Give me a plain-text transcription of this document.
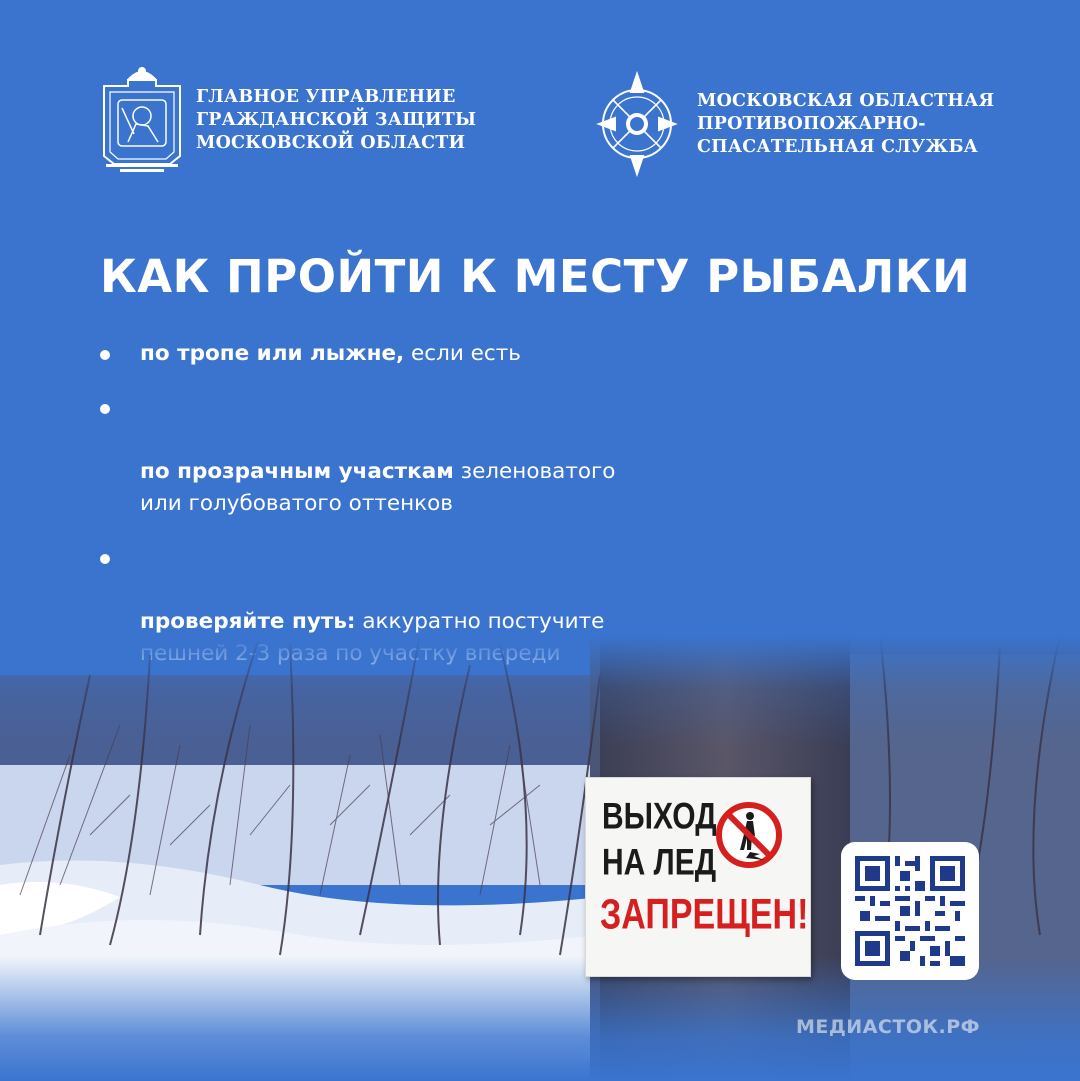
ГЛАВНОЕ УПРАВЛЕНИЕ
ГРАЖДАНСКОЙ ЗАЩИТЫ
МОСКОВСКОЙ ОБЛАСТИ
МОСКОВСКАЯ ОБЛАСТНАЯ
ПРОТИВОПОЖАРНО-
СПАСАТЕЛЬНАЯ СЛУЖБА
КАК ПРОЙТИ К МЕСТУ РЫБАЛКИ
по тропе или лыжне, если есть

по прозрачным участкам зеленоватого
или голубоватого оттенков

проверяйте путь: аккуратно постучите

ВЫХОД
НА ЛЕД
ЗАПРЕЩЕН!
МЕДИАСТОК.РФ
